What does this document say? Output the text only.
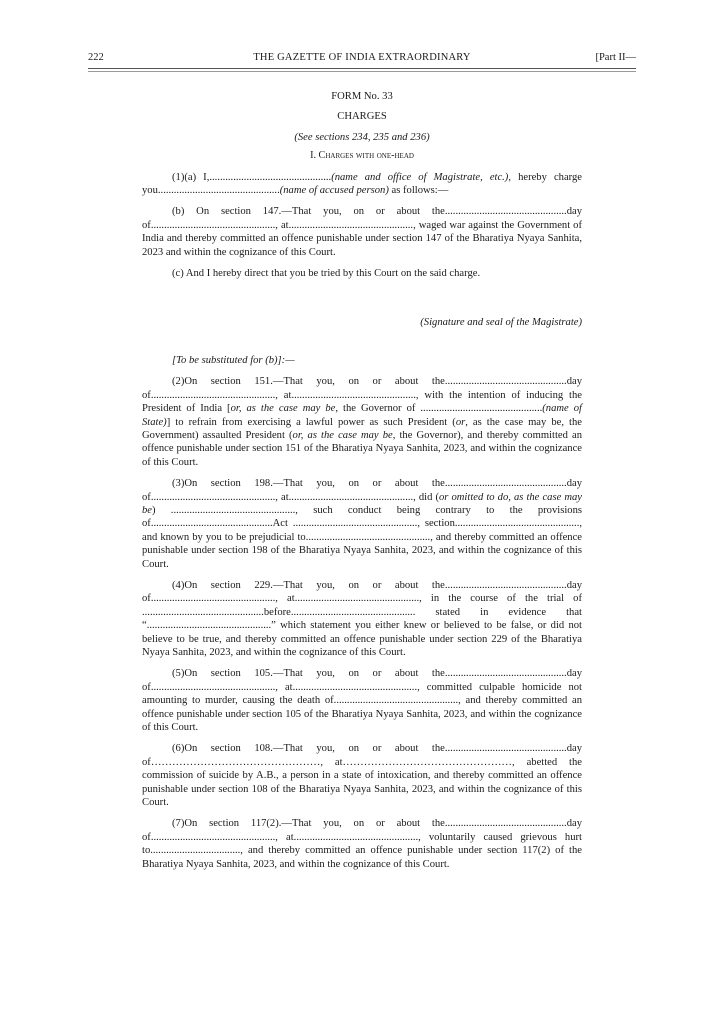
222	THE GAZETTE OF INDIA EXTRAORDINARY	[Part II—
FORM No. 33
CHARGES
(See sections 234, 235 and 236)
I. Charges with one-head

(1)(a) I,..............................................(name and office of Magistrate, etc.), hereby charge you..............................................(name of accused person) as follows:—

(b) On section 147.—That you, on or about the..............................................day of..............................................., at..............................................., waged war against the Government of India and thereby committed an offence punishable under section 147 of the Bharatiya Nyaya Sanhita, 2023 and within the cognizance of this Court.

(c) And I hereby direct that you be tried by this Court on the said charge.

(Signature and seal of the Magistrate)

[To be substituted for (b)]:—

(2)On section 151.—That you, on or about the..............................................day of..............................................., at..............................................., with the intention of inducing the President of India [or, as the case may be, the Governor of ..............................................(name of State)] to refrain from exercising a lawful power as such President (or, as the case may be, the Government) assaulted President (or, as the case may be, the Governor), and thereby committed an offence punishable under section 151 of the Bharatiya Nyaya Sanhita, 2023, and within the cognizance of this Court.

(3)On section 198.—That you, on or about the..............................................day of..............................................., at..............................................., did (or omitted to do, as the case may be) ..............................................., such conduct being contrary to the provisions of..............................................Act ..............................................., section..............................................., and known by you to be prejudicial to..............................................., and thereby committed an offence punishable under section 198 of the Bharatiya Nyaya Sanhita, 2023, and within the cognizance of this Court.

(4)On section 229.—That you, on or about the..............................................day of..............................................., at..............................................., in the course of the trial of ..............................................before............................................... stated in evidence that “...............................................” which statement you either knew or believed to be false, or did not believe to be true, and thereby committed an offence punishable under section 229 of the Bharatiya Nyaya Sanhita, 2023, and within the cognizance of this Court.

(5)On section 105.—That you, on or about the..............................................day of..............................................., at..............................................., committed culpable homicide not amounting to murder, causing the death of..............................................., and thereby committed an offence punishable under section 105 of the Bharatiya Nyaya Sanhita, 2023, and within the cognizance of this Court.

(6)On section 108.—That you, on or about the..............................................day of…………………………………………, at…………………………………………, abetted the commission of suicide by A.B., a person in a state of intoxication, and thereby committed an offence punishable under section 108 of the Bharatiya Nyaya Sanhita, 2023, and within the cognizance of this Court.

(7)On section 117(2).—That you, on or about the..............................................day of..............................................., at..............................................., voluntarily caused grievous hurt to.................................., and thereby committed an offence punishable under section 117(2) of the Bharatiya Nyaya Sanhita, 2023, and within the cognizance of this Court.
